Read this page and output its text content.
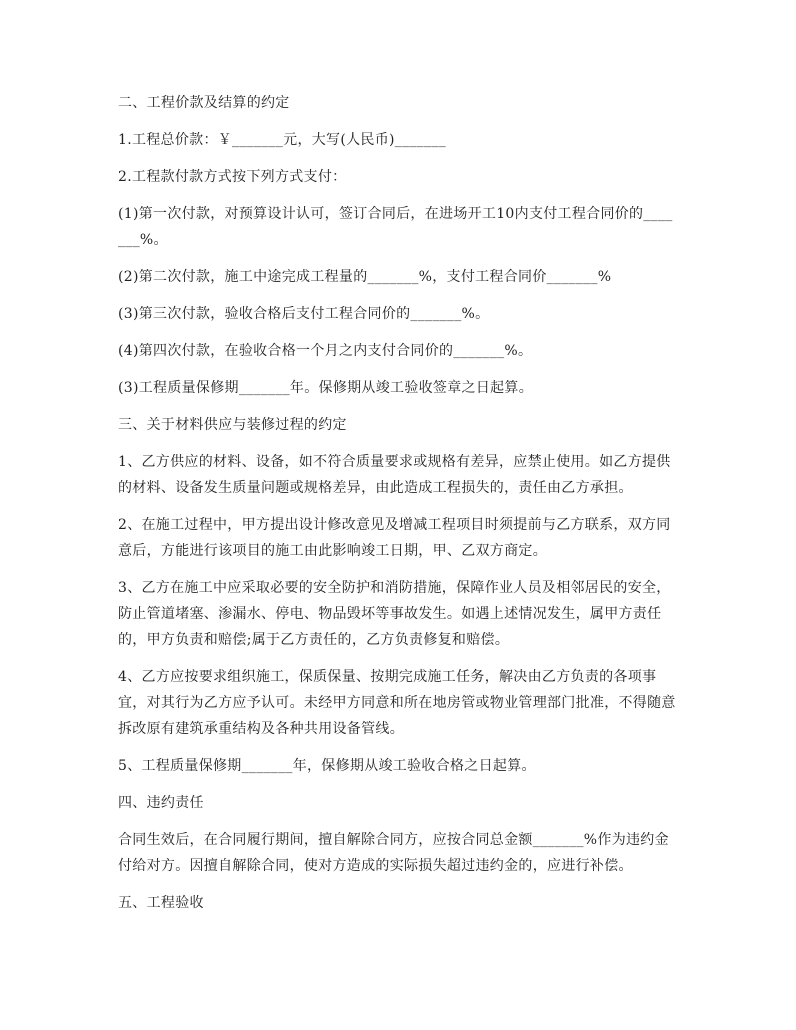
二、工程价款及结算的约定

1.工程总价款：￥_______元，大写(人民币)_______

2.工程款付款方式按下列方式支付：

(1)第一次付款，对预算设计认可，签订合同后，在进场开工10内支付工程合同价的_______%。

(2)第二次付款，施工中途完成工程量的_______%，支付工程合同价_______%

(3)第三次付款，验收合格后支付工程合同价的_______%。

(4)第四次付款，在验收合格一个月之内支付合同价的_______%。

(3)工程质量保修期_______年。保修期从竣工验收签章之日起算。

三、关于材料供应与装修过程的约定

1、乙方供应的材料、设备，如不符合质量要求或规格有差异，应禁止使用。如乙方提供的材料、设备发生质量问题或规格差异，由此造成工程损失的，责任由乙方承担。

2、在施工过程中，甲方提出设计修改意见及增减工程项目时须提前与乙方联系，双方同意后，方能进行该项目的施工由此影响竣工日期，甲、乙双方商定。

3、乙方在施工中应采取必要的安全防护和消防措施，保障作业人员及相邻居民的安全，防止管道堵塞、渗漏水、停电、物品毁坏等事故发生。如遇上述情况发生，属甲方责任的，甲方负责和赔偿;属于乙方责任的，乙方负责修复和赔偿。

4、乙方应按要求组织施工，保质保量、按期完成施工任务，解决由乙方负责的各项事宜，对其行为乙方应予认可。未经甲方同意和所在地房管或物业管理部门批准，不得随意拆改原有建筑承重结构及各种共用设备管线。

5、工程质量保修期_______年，保修期从竣工验收合格之日起算。

四、违约责任

合同生效后，在合同履行期间，擅自解除合同方，应按合同总金额_______%作为违约金付给对方。因擅自解除合同，使对方造成的实际损失超过违约金的，应进行补偿。

五、工程验收
